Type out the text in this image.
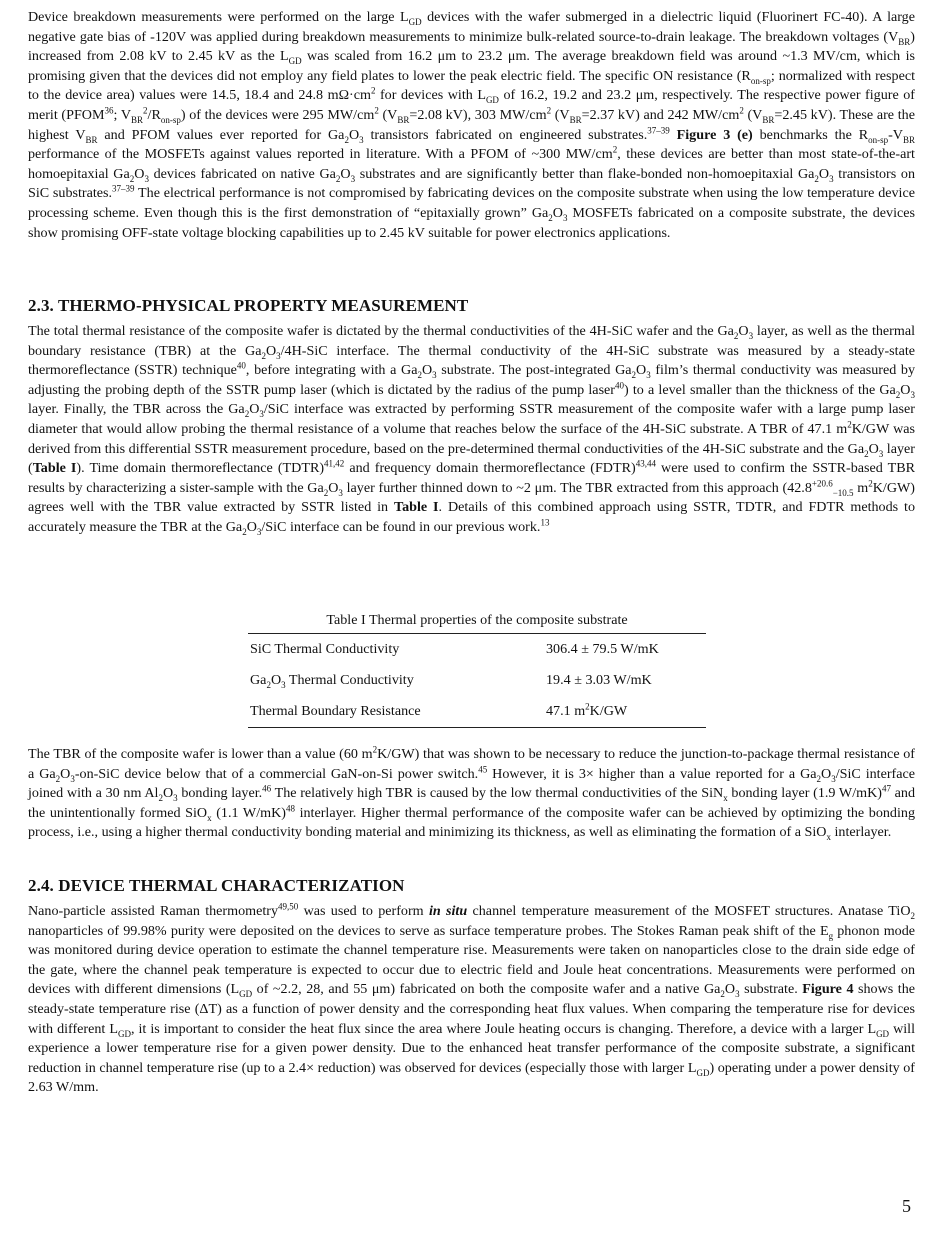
Device breakdown measurements were performed on the large $L_{GD}$ devices with the wafer submerged in a dielectric liquid (Fluorinert FC-40). A large negative gate bias of -120V was applied during breakdown measurements to minimize bulk-related source-to-drain leakage. The breakdown voltages $(V_{BR})$ increased from 2.08 kV to 2.45 kV as the $L_{GD}$ was scaled from 16.2 μm to 23.2 μm. The average breakdown field was around ~1.3 MV/cm, which is promising given that the devices did not employ any field plates to lower the peak electric field. The specific ON resistance ($R_{on-sp}$; normalized with respect to the device area) values were 14.5, 18.4 and 24.8 $m\Omega\cdot cm^2$ for devices with $L_{GD}$ of 16.2, 19.2 and 23.2 μm, respectively. The respective power figure of merit (PFOM$^{36}$; $V_{BR}^2/R_{on-sp}$) of the devices were 295 $MW/cm^2$ ($V_{BR}=2.08$ kV), 303 $MW/cm^2$ ($V_{BR}=2.37$ kV) and 242 $MW/cm^2$ ($V_{BR}=2.45$ kV). These are the highest $V_{BR}$ and PFOM values ever reported for $Ga_2O_3$ transistors fabricated on engineered substrates.$^{37-39}$ Figure 3 (e) benchmarks the $R_{on-sp}-V_{BR}$ performance of the MOSFETs against values reported in literature. With a PFOM of ~300 $MW/cm^2$, these devices are better than most state-of-the-art homoepitaxial $Ga_2O_3$ devices fabricated on native $Ga_2O_3$ substrates and are significantly better than flake-bonded non-homoepitaxial $Ga_2O_3$ transistors on SiC substrates.$^{37-39}$ The electrical performance is not compromised by fabricating devices on the composite substrate when using the low temperature device processing scheme. Even though this is the first demonstration of “epitaxially grown” $Ga_2O_3$ MOSFETs fabricated on a composite substrate, the devices show promising OFF-state voltage blocking capabilities up to 2.45 kV suitable for power electronics applications.

2.3. THERMO-PHYSICAL PROPERTY MEASUREMENT

The total thermal resistance of the composite wafer is dictated by the thermal conductivities of the 4H-SiC wafer and the $Ga_2O_3$ layer, as well as the thermal boundary resistance (TBR) at the $Ga_2O_3/4H$-SiC interface. The thermal conductivity of the 4H-SiC substrate was measured by a steady-state thermoreflectance (SSTR) technique$^{40}$, before integrating with a $Ga_2O_3$ substrate. The post-integrated $Ga_2O_3$ film’s thermal conductivity was measured by adjusting the probing depth of the SSTR pump laser (which is dictated by the radius of the pump laser$^{40}$) to a level smaller than the thickness of the $Ga_2O_3$ layer. Finally, the TBR across the $Ga_2O_3$/SiC interface was extracted by performing SSTR measurement of the composite wafer with a large pump laser diameter that would allow probing the thermal resistance of a volume that reaches below the surface of the 4H-SiC substrate. A TBR of 47.1 $m^2K/GW$ was derived from this differential SSTR measurement procedure, based on the pre-determined thermal conductivities of the 4H-SiC substrate and the $Ga_2O_3$ layer (Table I). Time domain thermoreflectance (TDTR)$^{41,42}$ and frequency domain thermoreflectance (FDTR)$^{43,44}$ were used to confirm the SSTR-based TBR results by characterizing a sister-sample with the $Ga_2O_3$ layer further thinned down to ~2 μm. The TBR extracted from this approach ($42.8^{+20.6}_{-10.5}$ $m^2K/GW$) agrees well with the TBR value extracted by SSTR listed in Table I. Details of this combined approach using SSTR, TDTR, and FDTR methods to accurately measure the TBR at the $Ga_2O_3$/SiC interface can be found in our previous work.$^{13}$

Table I Thermal properties of the composite substrate
SiC Thermal Conductivity	306.4 ± 79.5 W/mK
$Ga_2O_3$ Thermal Conductivity	19.4 ± 3.03 W/mK
Thermal Boundary Resistance	47.1 $m^2K/GW$

The TBR of the composite wafer is lower than a value (60 $m^2K/GW$) that was shown to be necessary to reduce the junction-to-package thermal resistance of a $Ga_2O_3-on$-SiC device below that of a commercial GaN-on-Si power switch.$^{45}$ However, it is 3× higher than a value reported for a $Ga_2O_3$/SiC interface joined with a 30 nm $Al_2O_3$ bonding layer.$^{46}$ The relatively high TBR is caused by the low thermal conductivities of the SiN$_x$ bonding layer (1.9 W/mK)$^{47}$ and the unintentionally formed SiO$_x$ (1.1 W/mK)$^{48}$ interlayer. Higher thermal performance of the composite wafer can be achieved by optimizing the bonding process, i.e., using a higher thermal conductivity bonding material and minimizing its thickness, as well as eliminating the formation of a SiO$_x$ interlayer.

2.4. DEVICE THERMAL CHARACTERIZATION

Nano-particle assisted Raman thermometry$^{49,50}$ was used to perform in situ channel temperature measurement of the MOSFET structures. Anatase TiO$_2$ nanoparticles of 99.98% purity were deposited on the devices to serve as surface temperature probes. The Stokes Raman peak shift of the $E_g$ phonon mode was monitored during device operation to estimate the channel temperature rise. Measurements were taken on nanoparticles close to the drain side edge of the gate, where the channel peak temperature is expected to occur due to electric field and Joule heat concentrations. Measurements were performed on devices with different dimensions ($L_{GD}$ of ~2.2, 28, and 55 μm) fabricated on both the composite wafer and a native $Ga_2O_3$ substrate. Figure 4 shows the steady-state temperature rise (ΔT) as a function of power density and the corresponding heat flux values. When comparing the temperature rise for devices with different $L_{GD}$, it is important to consider the heat flux since the area where Joule heating occurs is changing. Therefore, a device with a larger $L_{GD}$ will experience a lower temperature rise for a given power density. Due to the enhanced heat transfer performance of the composite substrate, a significant reduction in channel temperature rise (up to a 2.4× reduction) was observed for devices (especially those with larger $L_{GD}$) operating under a power density of 2.63 W/mm.

5
